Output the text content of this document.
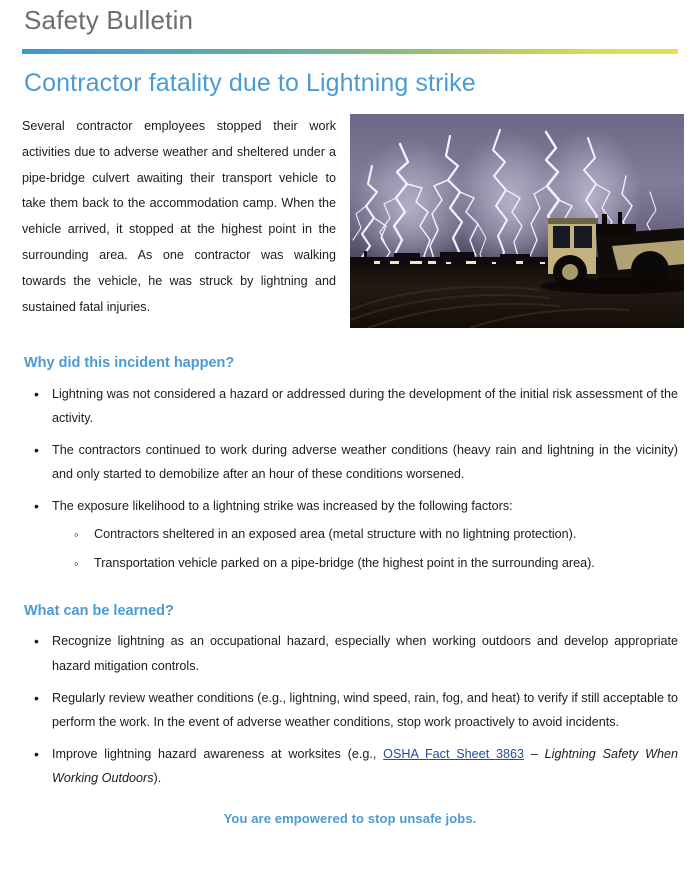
Safety Bulletin
Contractor fatality due to Lightning strike
Several contractor employees stopped their work activities due to adverse weather and sheltered under a pipe-bridge culvert awaiting their transport vehicle to take them back to the accommodation camp. When the vehicle arrived, it stopped at the highest point in the surrounding area. As one contractor was walking towards the vehicle, he was struck by lightning and sustained fatal injuries.
Why did this incident happen?
• Lightning was not considered a hazard or addressed during the development of the initial risk assessment of the activity.
• The contractors continued to work during adverse weather conditions (heavy rain and lightning in the vicinity) and only started to demobilize after an hour of these conditions worsened.
• The exposure likelihood to a lightning strike was increased by the following factors:
◦ Contractors sheltered in an exposed area (metal structure with no lightning protection).
◦ Transportation vehicle parked on a pipe-bridge (the highest point in the surrounding area).
What can be learned?
• Recognize lightning as an occupational hazard, especially when working outdoors and develop appropriate hazard mitigation controls.
• Regularly review weather conditions (e.g., lightning, wind speed, rain, fog, and heat) to verify if still acceptable to perform the work. In the event of adverse weather conditions, stop work proactively to avoid incidents.
• Improve lightning hazard awareness at worksites (e.g., OSHA Fact Sheet 3863 – Lightning Safety When Working Outdoors).
You are empowered to stop unsafe jobs.
